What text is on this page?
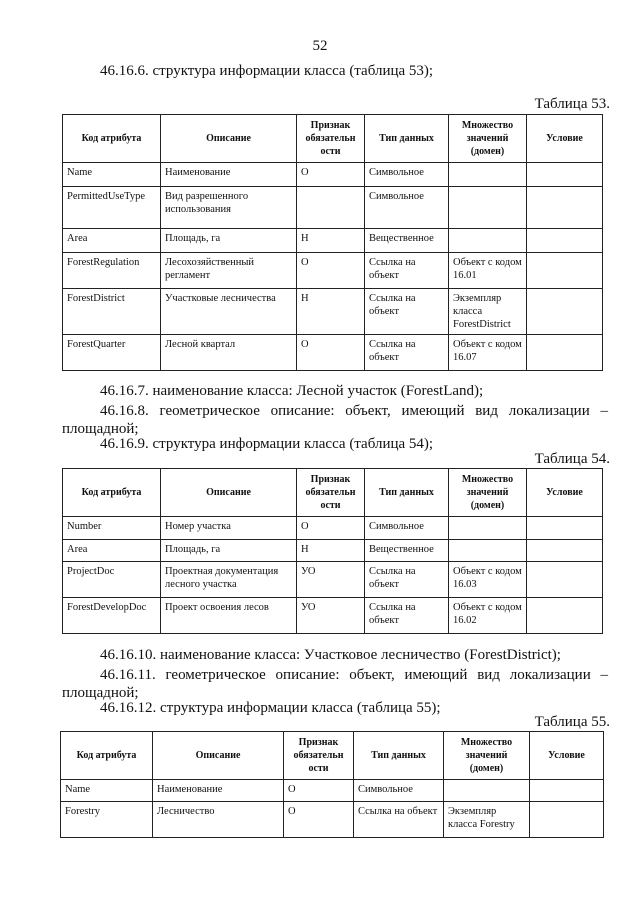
52
46.16.6. структура информации класса (таблица 53);
Таблица 53.
Код атрибута	Описание	Признак обязательн ости	Тип данных	Множество значений (домен)	Условие
Name	Наименование	О	Символьное		
PermittedUseType	Вид разрешенного использования		Символьное		
Area	Площадь, га	Н	Вещественное		
ForestRegulation	Лесохозяйственный регламент	О	Ссылка на объект	Объект с кодом 16.01	
ForestDistrict	Участковые лесничества	Н	Ссылка на объект	Экземпляр класса ForestDistrict	
ForestQuarter	Лесной квартал	О	Ссылка на объект	Объект с кодом 16.07	
46.16.7. наименование класса: Лесной участок (ForestLand);
46.16.8. геометрическое описание: объект, имеющий вид локализации – площадной;
46.16.9. структура информации класса (таблица 54);
Таблица 54.
Код атрибута	Описание	Признак обязательн ости	Тип данных	Множество значений (домен)	Условие
Number	Номер участка	О	Символьное		
Area	Площадь, га	Н	Вещественное		
ProjectDoc	Проектная документация лесного участка	УО	Ссылка на объект	Объект с кодом 16.03	
ForestDevelopDoc	Проект освоения лесов	УО	Ссылка на объект	Объект с кодом 16.02	
46.16.10. наименование класса: Участковое лесничество (ForestDistrict);
46.16.11. геометрическое описание: объект, имеющий вид локализации – площадной;
46.16.12. структура информации класса (таблица 55);
Таблица 55.
Код атрибута	Описание	Признак обязательн ости	Тип данных	Множество значений (домен)	Условие
Name	Наименование	О	Символьное		
Forestry	Лесничество	О	Ссылка на объект	Экземпляр класса Forestry	
